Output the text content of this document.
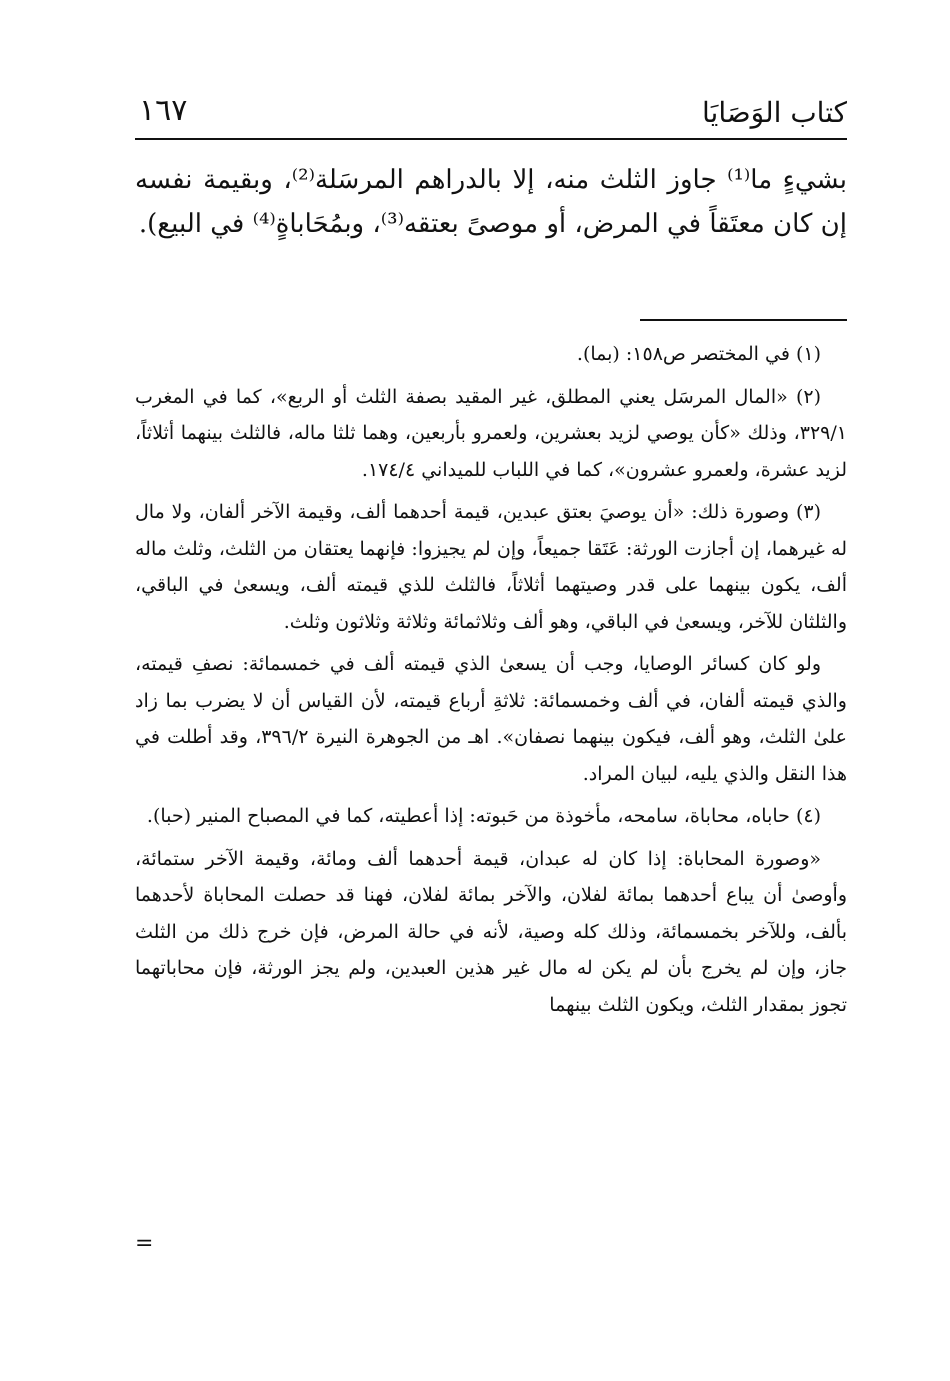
كتاب الوَصَايَا
١٦٧
بشيءٍ ما⁽¹⁾ جاوز الثلث منه، إلا بالدراهم المرسَلة⁽²⁾، وبقيمة نفسه إن كان معتَقاً في المرض، أو موصىً بعتقه⁽³⁾، وبمُحَاباةٍ⁽⁴⁾ في البيع).

(١) في المختصر ص١٥٨: (بما).

(٢) «المال المرسَل يعني المطلق، غير المقيد بصفة الثلث أو الربع»، كما في المغرب ٣٢٩/١، وذلك «كأن يوصي لزيد بعشرين، ولعمرو بأربعين، وهما ثلثا ماله، فالثلث بينهما أثلاثاً، لزيد عشرة، ولعمرو عشرون»، كما في اللباب للميداني ١٧٤/٤.

(٣) وصورة ذلك: «أن يوصيَ بعتق عبدين، قيمة أحدهما ألف، وقيمة الآخر ألفان، ولا مال له غيرهما، إن أجازت الورثة: عَتَقا جميعاً، وإن لم يجيزوا: فإنهما يعتقان من الثلث، وثلث ماله ألف، يكون بينهما على قدر وصيتهما أثلاثاً، فالثلث للذي قيمته ألف، ويسعىٰ في الباقي، والثلثان للآخر، ويسعىٰ في الباقي، وهو ألف وثلاثمائة وثلاثة وثلاثون وثلث.

ولو كان كسائر الوصايا، وجب أن يسعىٰ الذي قيمته ألف في خمسمائة: نصفِ قيمته، والذي قيمته ألفان، في ألف وخمسمائة: ثلاثةِ أرباع قيمته، لأن القياس أن لا يضرب بما زاد علىٰ الثلث، وهو ألف، فيكون بينهما نصفان». اهـ من الجوهرة النيرة ٣٩٦/٢، وقد أطلت في هذا النقل والذي يليه، لبيان المراد.

(٤) حاباه، محاباة، سامحه، مأخوذة من حَبوته: إذا أعطيته، كما في المصباح المنير (حبا).

«وصورة المحاباة: إذا كان له عبدان، قيمة أحدهما ألف ومائة، وقيمة الآخر ستمائة، وأوصىٰ أن يباع أحدهما بمائة لفلان، والآخر بمائة لفلان، فهنا قد حصلت المحاباة لأحدهما بألف، وللآخر بخمسمائة، وذلك كله وصية، لأنه في حالة المرض، فإن خرج ذلك من الثلث جاز، وإن لم يخرج بأن لم يكن له مال غير هذين العبدين، ولم يجز الورثة، فإن محاباتهما تجوز بمقدار الثلث، ويكون الثلث بينهما

=
